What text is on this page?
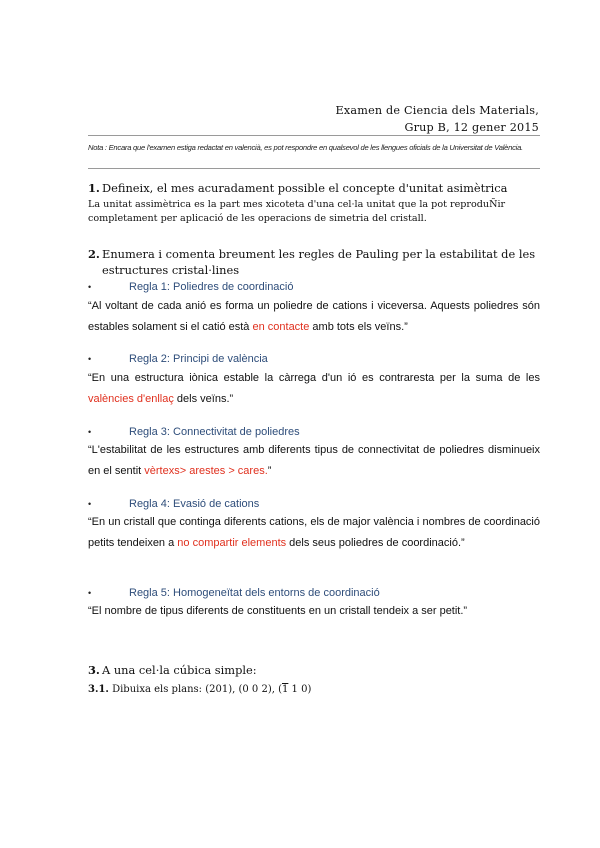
Examen de Ciencia dels Materials,
Grup B, 12 gener 2015
Nota : Encara que l'examen estiga redactat en valencià, es pot respondre en qualsevol de les llengues oficials de la Universitat de València.
1. Defineix, el mes acuradament possible el concepte d'unitat asimètrica
La unitat assimètrica es la part mes xicoteta d'una cel·la unitat que la pot reproduÑir
completament per aplicació de les operacions de simetria del cristall.
2. Enumera i comenta breument les regles de Pauling per la estabilitat de les
estructures cristal·lines
•	Regla 1: Poliedres de coordinació
“Al voltant de cada anió es forma un poliedre de cations i viceversa. Aquests poliedres són estables solament si el catió està en contacte amb tots els veïns.”
•	Regla 2: Principi de valència
“En una estructura iònica estable la càrrega d'un ió es contraresta per la suma de les valències d'enllaç dels veïns.”
•	Regla 3: Connectivitat de poliedres
“L'estabilitat de les estructures amb diferents tipus de connectivitat de poliedres disminueix en el sentit vèrtexs> arestes > cares.”
•	Regla 4: Evasió de cations
“En un cristall que continga diferents cations, els de major valència i nombres de coordinació petits tendeixen a no compartir elements dels seus poliedres de coordinació.”
•	Regla 5: Homogeneïtat dels entorns de coordinació
“El nombre de tipus diferents de constituents en un cristall tendeix a ser petit.”
3. A una cel·la cúbica simple:
3.1. Dibuixa els plans: (201), (0 0 2), (1 1 0)
